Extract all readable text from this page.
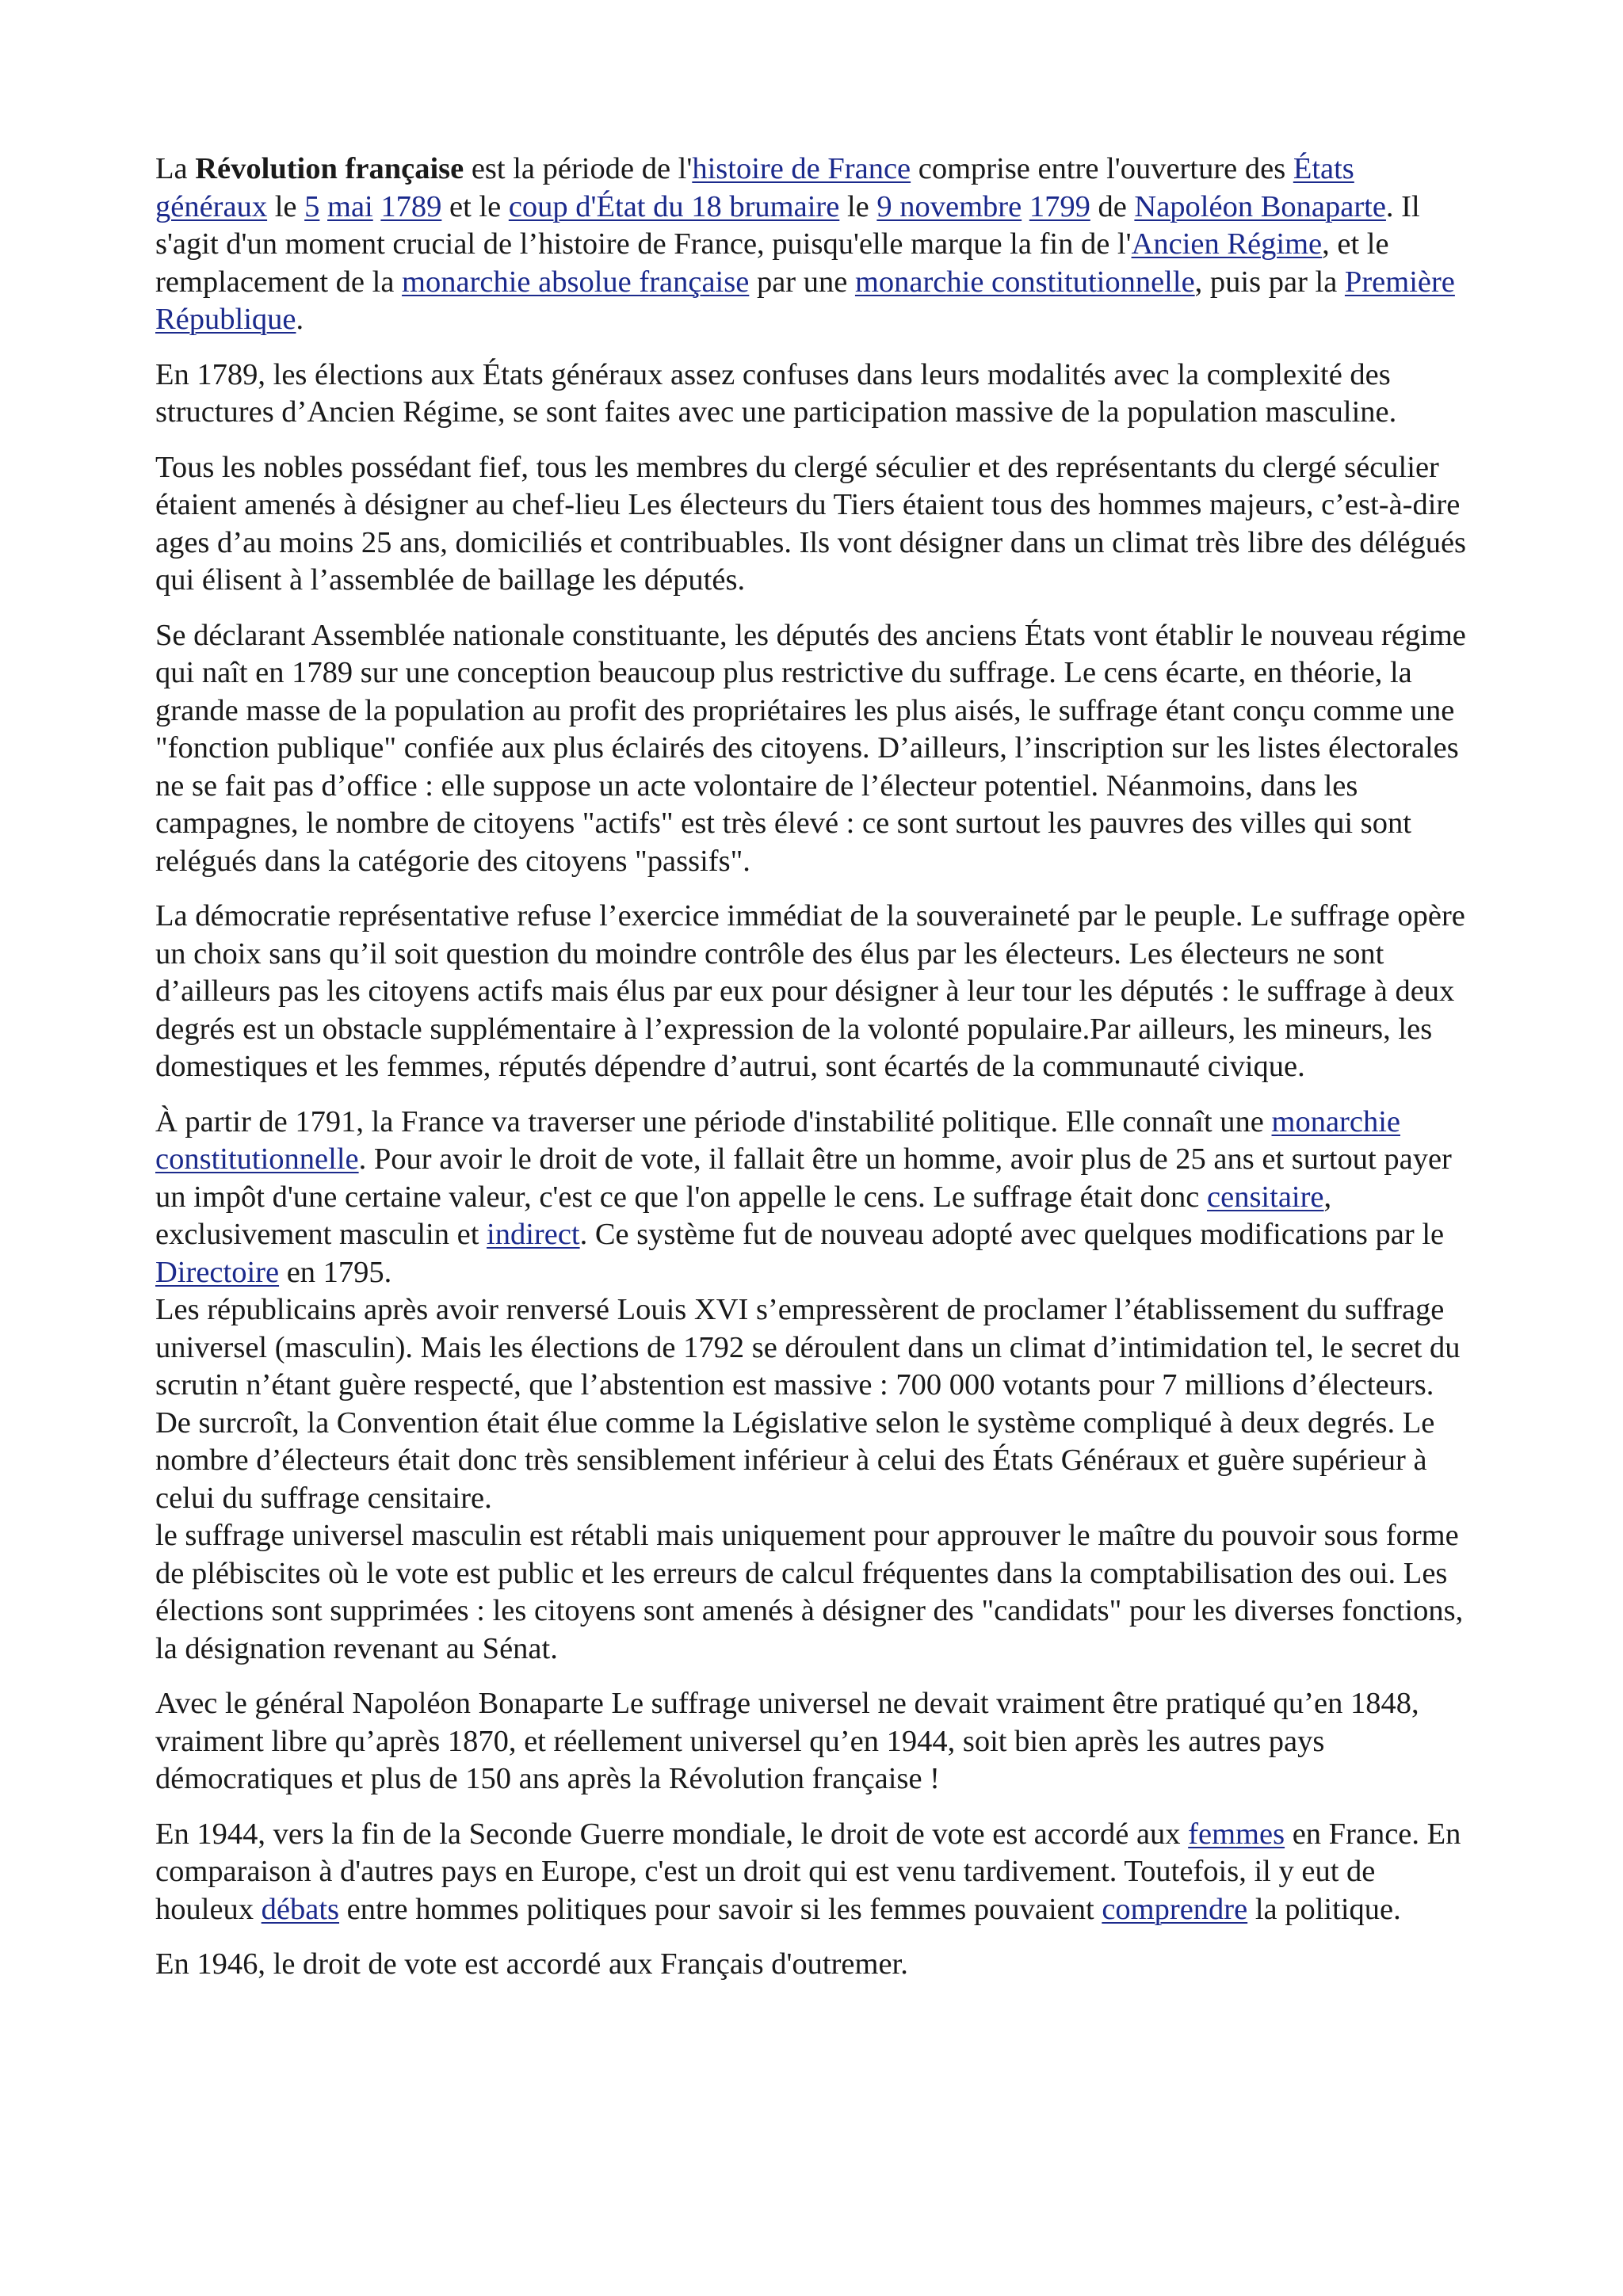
La Révolution française est la période de l'histoire de France comprise entre l'ouverture des États généraux le 5 mai 1789 et le coup d'État du 18 brumaire le 9 novembre 1799 de Napoléon Bonaparte. Il s'agit d'un moment crucial de l’histoire de France, puisqu'elle marque la fin de l'Ancien Régime, et le remplacement de la monarchie absolue française par une monarchie constitutionnelle, puis par la Première République.

En 1789, les élections aux États généraux assez confuses dans leurs modalités avec la complexité des structures d’Ancien Régime, se sont faites avec une participation massive de la population masculine.

Tous les nobles possédant fief, tous les membres du clergé séculier et des représentants du clergé séculier étaient amenés à désigner au chef-lieu Les électeurs du Tiers étaient tous des hommes majeurs, c’est-à-dire ages d’au moins 25 ans, domiciliés et contribuables. Ils vont désigner dans un climat très libre des délégués qui élisent à l’assemblée de baillage les députés.

Se déclarant Assemblée nationale constituante, les députés des anciens États vont établir le nouveau régime qui naît en 1789 sur une conception beaucoup plus restrictive du suffrage. Le cens écarte, en théorie, la grande masse de la population au profit des propriétaires les plus aisés, le suffrage étant conçu comme une "fonction publique" confiée aux plus éclairés des citoyens. D’ailleurs, l’inscription sur les listes électorales ne se fait pas d’office : elle suppose un acte volontaire de l’électeur potentiel. Néanmoins, dans les campagnes, le nombre de citoyens "actifs" est très élevé : ce sont surtout les pauvres des villes qui sont relégués dans la catégorie des citoyens "passifs".

La démocratie représentative refuse l’exercice immédiat de la souveraineté par le peuple. Le suffrage opère un choix sans qu’il soit question du moindre contrôle des élus par les électeurs. Les électeurs ne sont d’ailleurs pas les citoyens actifs mais élus par eux pour désigner à leur tour les députés : le suffrage à deux degrés est un obstacle supplémentaire à l’expression de la volonté populaire.Par ailleurs, les mineurs, les domestiques et les femmes, réputés dépendre d’autrui, sont écartés de la communauté civique.

À partir de 1791, la France va traverser une période d'instabilité politique. Elle connaît une monarchie constitutionnelle. Pour avoir le droit de vote, il fallait être un homme, avoir plus de 25 ans et surtout payer un impôt d'une certaine valeur, c'est ce que l'on appelle le cens. Le suffrage était donc censitaire, exclusivement masculin et indirect. Ce système fut de nouveau adopté avec quelques modifications par le Directoire en 1795.

Les républicains après avoir renversé Louis XVI s’empressèrent de proclamer l’établissement du suffrage universel (masculin). Mais les élections de 1792 se déroulent dans un climat d’intimidation tel, le secret du scrutin n’étant guère respecté, que l’abstention est massive : 700 000 votants pour 7 millions d’électeurs. De surcroît, la Convention était élue comme la Législative selon le système compliqué à deux degrés. Le nombre d’électeurs était donc très sensiblement inférieur à celui des États Généraux et guère supérieur à celui du suffrage censitaire.

le suffrage universel masculin est rétabli mais uniquement pour approuver le maître du pouvoir sous forme de plébiscites où le vote est public et les erreurs de calcul fréquentes dans la comptabilisation des oui. Les élections sont supprimées : les citoyens sont amenés à désigner des "candidats" pour les diverses fonctions, la désignation revenant au Sénat.

Avec le général Napoléon Bonaparte Le suffrage universel ne devait vraiment être pratiqué qu’en 1848, vraiment libre qu’après 1870, et réellement universel qu’en 1944, soit bien après les autres pays démocratiques et plus de 150 ans après la Révolution française !

En 1944, vers la fin de la Seconde Guerre mondiale, le droit de vote est accordé aux femmes en France. En comparaison à d'autres pays en Europe, c'est un droit qui est venu tardivement. Toutefois, il y eut de houleux débats entre hommes politiques pour savoir si les femmes pouvaient comprendre la politique.

En 1946, le droit de vote est accordé aux Français d'outremer.
